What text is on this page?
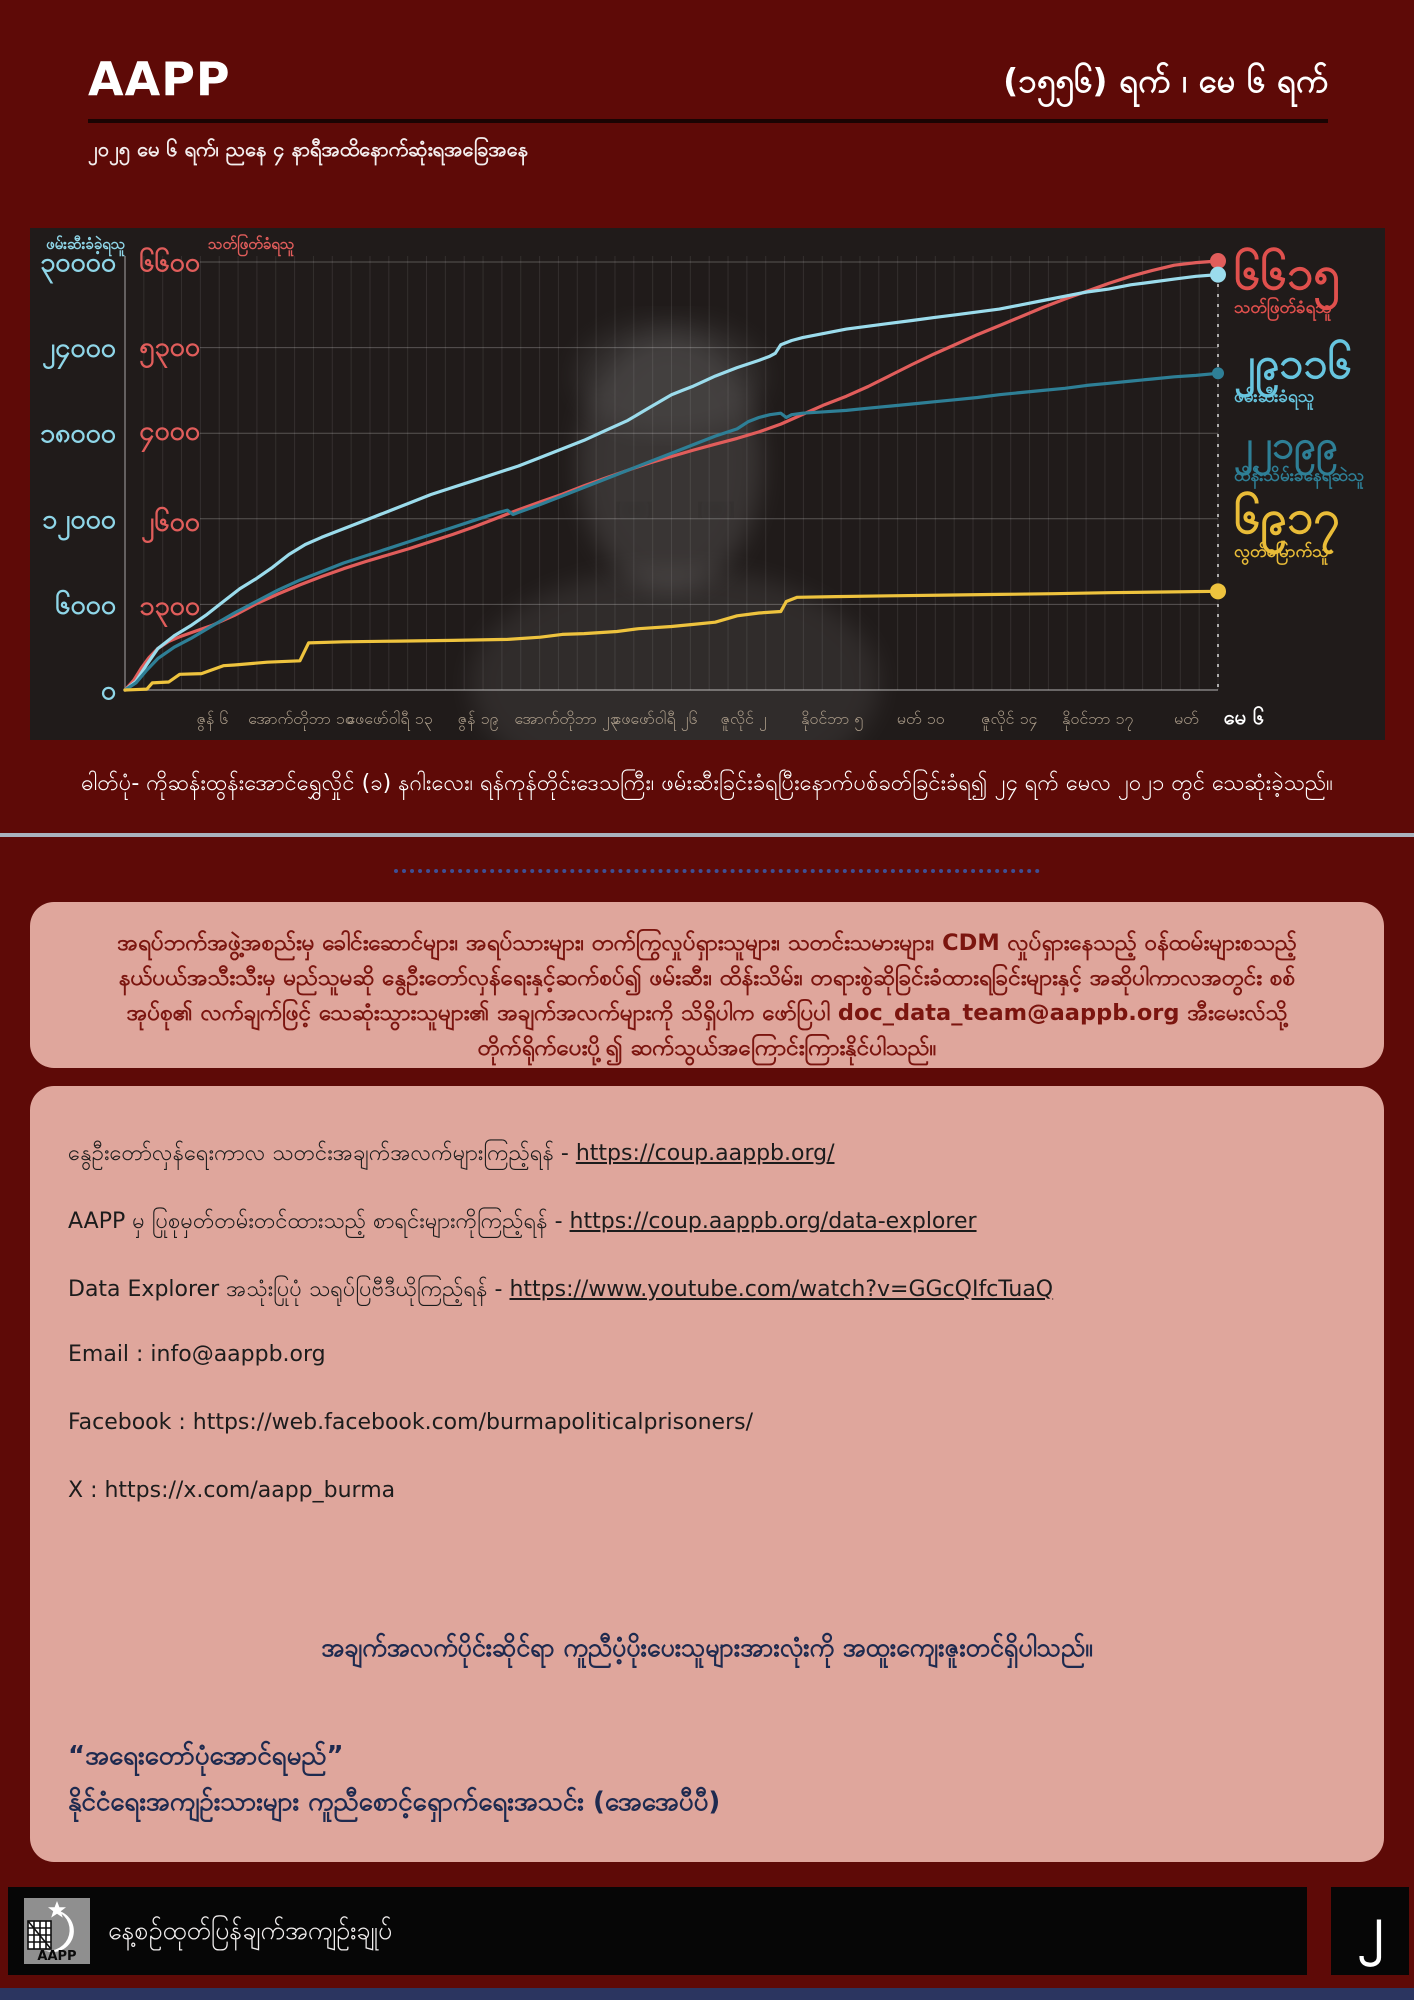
AAPP	(၁၅၅၆) ရက် ၊ မေ ၆ ရက်
၂၀၂၅ မေ ၆ ရက်၊ ညနေ ၄ နာရီအထိနောက်ဆုံးရအခြေအနေ
ဖမ်းဆီးခံခဲ့ရသူ	သတ်ဖြတ်ခံရသူ
၃၀၀၀၀
၂၄၀၀၀
၁၈၀၀၀
၁၂၀၀၀
၆၀၀၀
၀
၆၆၀၀
၅၃၀၀
၄၀၀၀
၂၆၀၀
၁၃၀၀
ဇွန် ၆ အောက်တိုဘာ ၁၀
ဖေဖော်ဝါရီ ၁၃ ဇွန် ၁၉ အောက်တိုဘာ ၂၃
ဖေဖော်ဝါရီ ၂၆ ဇူလိုင် ၂ နိုဝင်ဘာ ၅ မတ် ၁၀ ဇူလိုင် ၁၄ နိုဝင်ဘာ ၁၇	မတ် မေ ၆
၆၆၁၅
သတ်ဖြတ်ခံရသူ
၂၉၁၁၆
ဖမ်းဆီးခံရသူ
၂၂၁၉၉
ထိန်းသိမ်းခံနေရဆဲသူ
၆၉၁၇
လွတ်မြောက်သူ
ဓါတ်ပုံ- ကိုဆန်းထွန်းအောင်ရွှေလှိုင် (ခ) နဂါးလေး၊ ရန်ကုန်တိုင်းဒေသကြီး၊ ဖမ်းဆီးခြင်းခံရပြီးနောက်ပစ်ခတ်ခြင်းခံရ၍ ၂၄ ရက် မေလ ၂၀၂၁ တွင် သေဆုံးခဲ့သည်။

အရပ်ဘက်အဖွဲ့အစည်းမှ ခေါင်းဆောင်များ၊ အရပ်သားများ၊ တက်ကြွလှုပ်ရှားသူများ၊ သတင်းသမားများ၊ CDM လှုပ်ရှားနေသည့် ဝန်ထမ်းများစသည့် နယ်ပယ်အသီးသီးမှ မည်သူမဆို နွေဦးတော်လှန်ရေးနှင့်ဆက်စပ်၍ ဖမ်းဆီး၊ ထိန်းသိမ်း၊ တရားစွဲဆိုခြင်းခံထားရခြင်းများနှင့် အဆိုပါကာလအတွင်း စစ်အုပ်စု၏ လက်ချက်ဖြင့် သေဆုံးသွားသူများ၏ အချက်အလက်များကို သိရှိပါက ဖော်ပြပါ doc_data_team@aappb.org အီးမေးလ်သို့ တိုက်ရိုက်ပေးပို့၍ ဆက်သွယ်အကြောင်းကြားနိုင်ပါသည်။

နွေဦးတော်လှန်ရေးကာလ သတင်းအချက်အလက်များကြည့်ရန် - https://coup.aappb.org/
AAPP မှ ပြုစုမှတ်တမ်းတင်ထားသည့် စာရင်းများကိုကြည့်ရန် - https://coup.aappb.org/data-explorer
Data Explorer အသုံးပြုပုံ သရုပ်ပြဗီဒီယိုကြည့်ရန် - https://www.youtube.com/watch?v=GGcQIfcTuaQ
Email : info@aappb.org
Facebook : https://web.facebook.com/burmapoliticalprisoners/
X : https://x.com/aapp_burma
အချက်အလက်ပိုင်းဆိုင်ရာ ကူညီပံ့ပိုးပေးသူများအားလုံးကို အထူးကျေးဇူးတင်ရှိပါသည်။
“အရေးတော်ပုံအောင်ရမည်”
နိုင်ငံရေးအကျဉ်းသားများ ကူညီစောင့်ရှောက်ရေးအသင်း (အေအေပီပီ)
AAPP
နေ့စဉ်ထုတ်ပြန်ချက်အကျဉ်းချုပ်	၂
